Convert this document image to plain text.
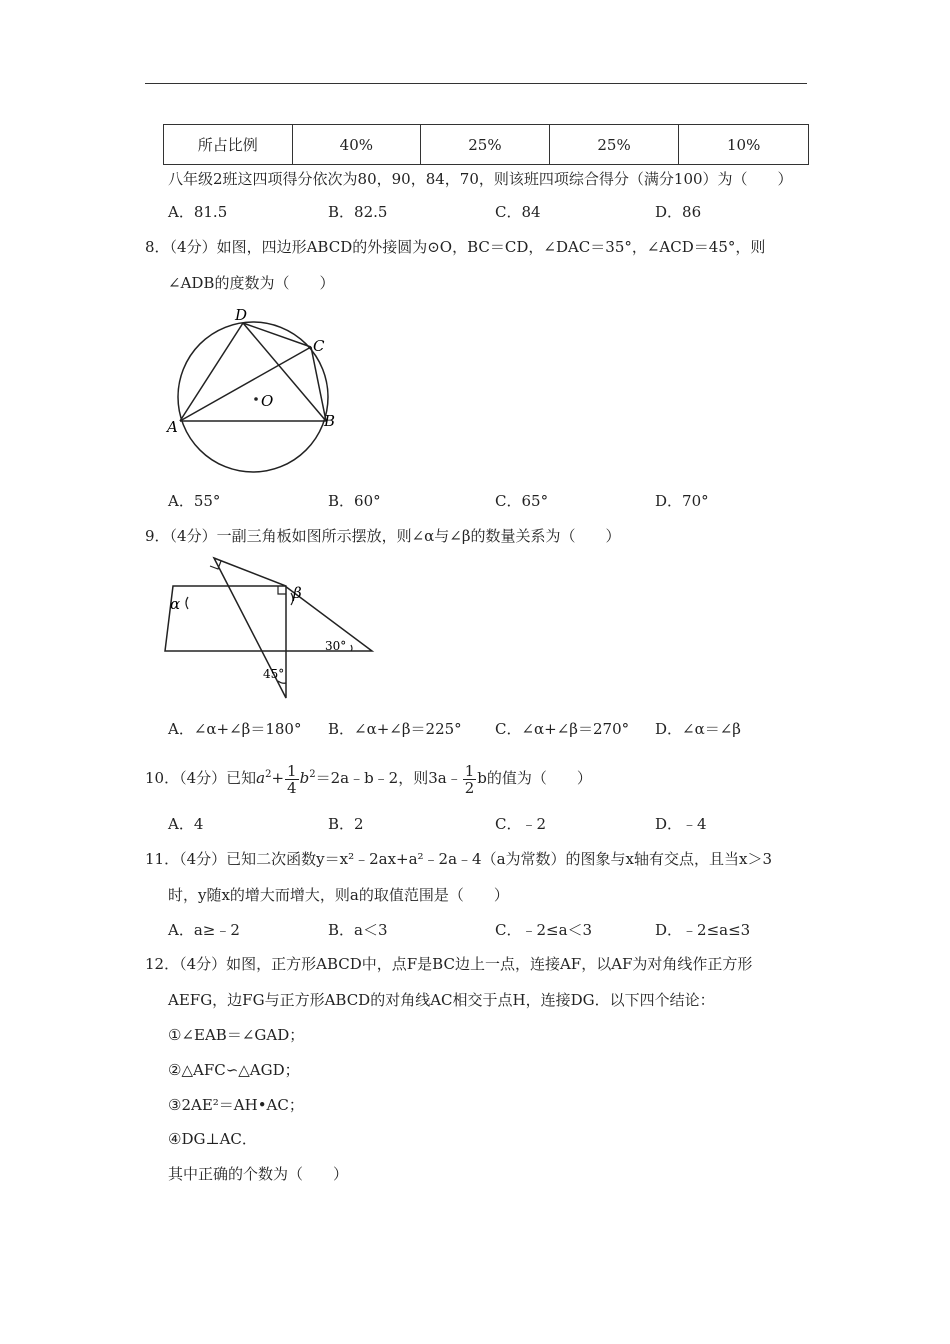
所占比例	40%	25%	25%	10%
八年级2班这四项得分依次为80，90，84，70，则该班四项综合得分（满分100）为（　　）
A．81.5	B．82.5	C．84	D．86
8．（4分）如图，四边形ABCD的外接圆为⊙O，BC＝CD，∠DAC＝35°，∠ACD＝45°，则
∠ADB的度数为（　　）
D
C
A	B
O
A．55°	B．60°	C．65°	D．70°
9．（4分）一副三角板如图所示摆放，则∠α与∠β的数量关系为（　　）
α
β
30°
45°
A．∠α+∠β＝180° B．∠α+∠β＝225° C．∠α+∠β＝270° D．∠α＝∠β
10．（4分）已知$a^2+ \frac{1}{4}$ $b^2=2a﹣b﹣2$，则3a﹣ $\frac{1}{2}$ b的值为（　　）
A．4	B．2	C．﹣2	D．﹣4
11．（4分）已知二次函数y＝x²﹣2ax+a²﹣2a﹣4（a为常数）的图象与x轴有交点，且当x＞3
时，y随x的增大而增大，则a的取值范围是（　　）
A．a≥﹣2	B．a＜3	C．﹣2≤a＜3	D．﹣2≤a≤3
12．（4分）如图，正方形ABCD中，点F是BC边上一点，连接AF，以AF为对角线作正方形
AEFG，边FG与正方形ABCD的对角线AC相交于点H，连接DG．以下四个结论：
①∠EAB＝∠GAD；
②△AFC∽△AGD；
③2AE²＝AH•AC；
④DG⊥AC．
其中正确的个数为（　　）
